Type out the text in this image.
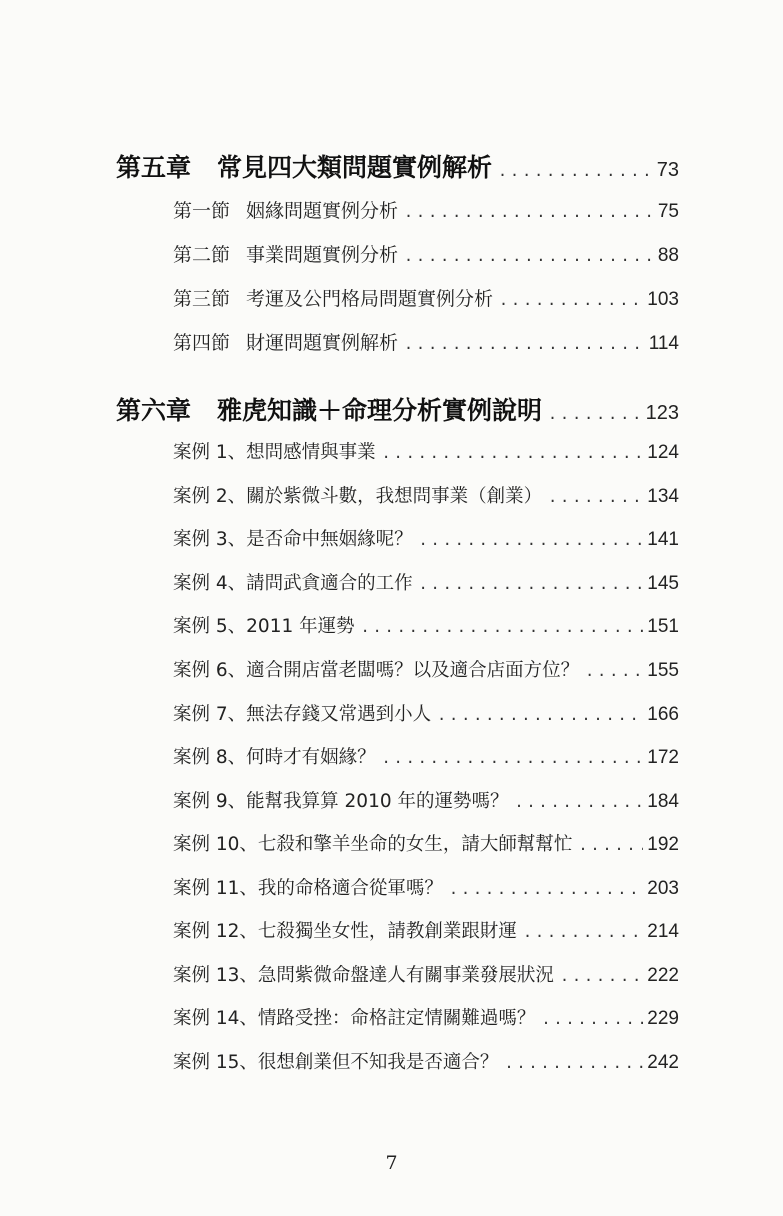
第五章 常見四大類問題實例解析 .....	73
第一節 姻緣問題實例分析 .....	75
第二節 事業問題實例分析 .....	88
第三節 考運及公門格局問題實例分析 .....	103
第四節 財運問題實例解析 .....	114
第六章 雅虎知識＋命理分析實例說明 .....	123
案例 1、想問感情與事業 .....	124
案例 2、關於紫微斗數，我想問事業（創業） .....	134
案例 3、是否命中無姻緣呢？ .....	141
案例 4、請問武貪適合的工作 .....	145
案例 5、2011 年運勢 .....	151
案例 6、適合開店當老闆嗎？以及適合店面方位？ .....	155
案例 7、無法存錢又常遇到小人 .....	166
案例 8、何時才有姻緣？ .....	172
案例 9、能幫我算算 2010 年的運勢嗎？ .....	184
案例 10、七殺和擎羊坐命的女生，請大師幫幫忙 .....	192
案例 11、我的命格適合從軍嗎？ .....	203
案例 12、七殺獨坐女性，請教創業跟財運 .....	214
案例 13、急問紫微命盤達人有關事業發展狀況 .....	222
案例 14、情路受挫：命格註定情關難過嗎？ .....	229
案例 15、很想創業但不知我是否適合？ .....	242
7
